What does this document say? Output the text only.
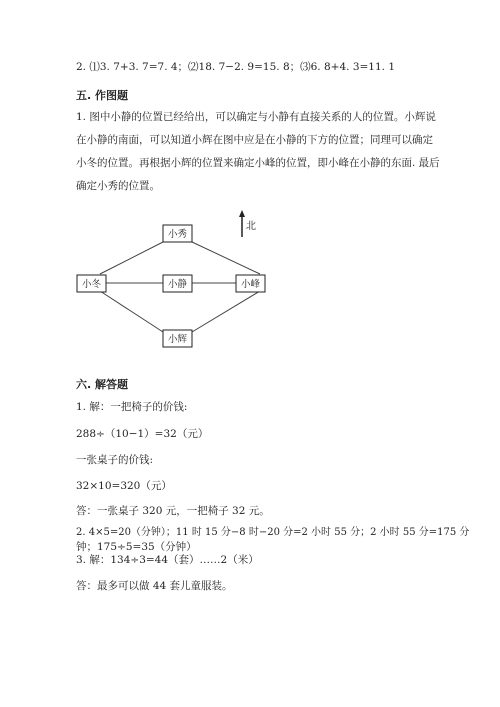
2. ⑴3. 7+3. 7=7. 4；⑵18. 7−2. 9=15. 8；⑶6. 8+4. 3=11. 1
五. 作图题
1. 图中小静的位置已经给出，可以确定与小静有直接关系的人的位置。小辉说
在小静的南面，可以知道小辉在图中应是在小静的下方的位置；同理可以确定
小冬的位置。再根据小辉的位置来确定小峰的位置，即小峰在小静的东面. 最后
确定小秀的位置。
北
小秀
小冬	小静	小峰
小辉
六. 解答题
1. 解：一把椅子的价钱:
288÷（10−1）=32（元）
一张桌子的价钱:
32×10=320（元）
答：一张桌子 320 元，一把椅子 32 元。
2. 4×5=20（分钟）；11 时 15 分−8 时−20 分=2 小时 55 分；2 小时 55 分=175 分
钟；175÷5=35（分钟）
3. 解：134÷3=44（套）……2（米）
答：最多可以做 44 套儿童服装。
